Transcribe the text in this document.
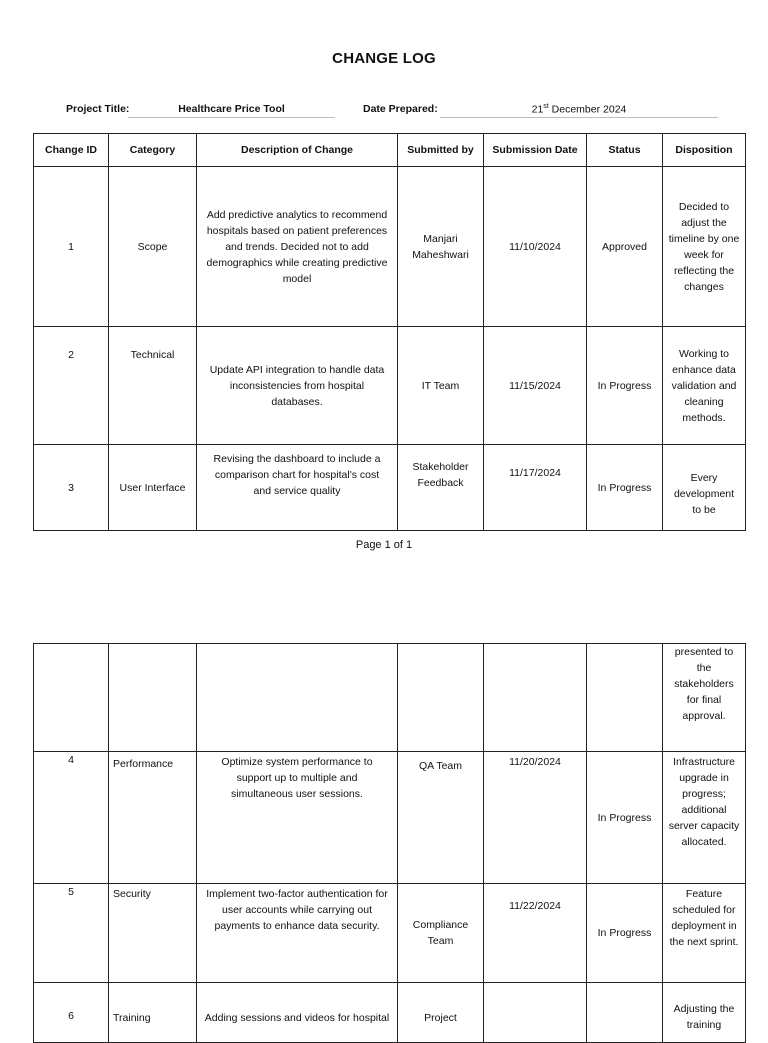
CHANGE LOG
Project Title:	Healthcare Price Tool	Date Prepared:	21st December 2024
Change ID	Category	Description of Change	Submitted by	Submission Date	Status	Disposition
1	Scope	Add predictive analytics to recommend hospitals based on patient preferences and trends. Decided not to add demographics while creating predictive model	Manjari Maheshwari	11/10/2024	Approved	Decided to adjust the timeline by one week for reflecting the changes
2	Technical	Update API integration to handle data inconsistencies from hospital databases.	IT Team	11/15/2024	In Progress	Working to enhance data validation and cleaning methods.
3	User Interface	Revising the dashboard to include a comparison chart for hospital's cost and service quality	Stakeholder Feedback	11/17/2024	In Progress	Every development to be
Page 1 of 1
						presented to the stakeholders for final approval.
4	Performance	Optimize system performance to support up to multiple and simultaneous user sessions.	QA Team	11/20/2024	In Progress	Infrastructure upgrade in progress; additional server capacity allocated.
5	Security	Implement two-factor authentication for user accounts while carrying out payments to enhance data security.	Compliance Team	11/22/2024	In Progress	Feature scheduled for deployment in the next sprint.
6	Training	Adding sessions and videos for hospital	Project			Adjusting the training
